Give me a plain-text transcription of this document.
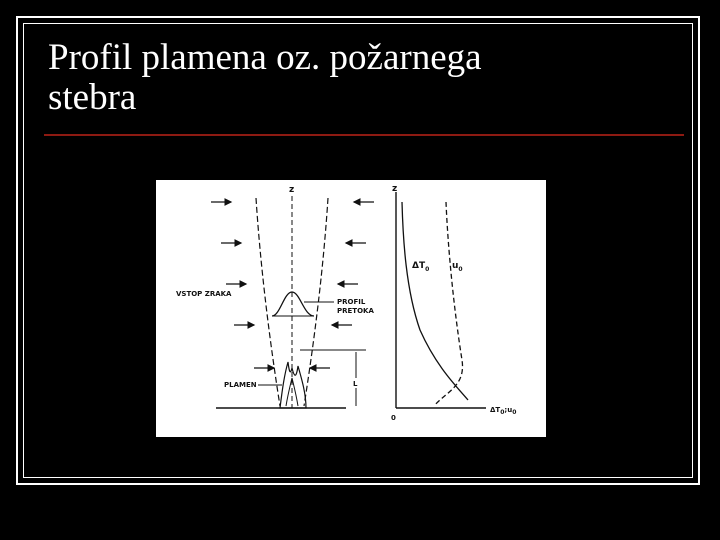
Profil plamena oz. požarnega
stebra
z
VSTOP ZRAKA
PROFIL
PRETOKA
PLAMEN	L
z
0
$\Delta T_0$	$u_0$
ΔT0;u0
